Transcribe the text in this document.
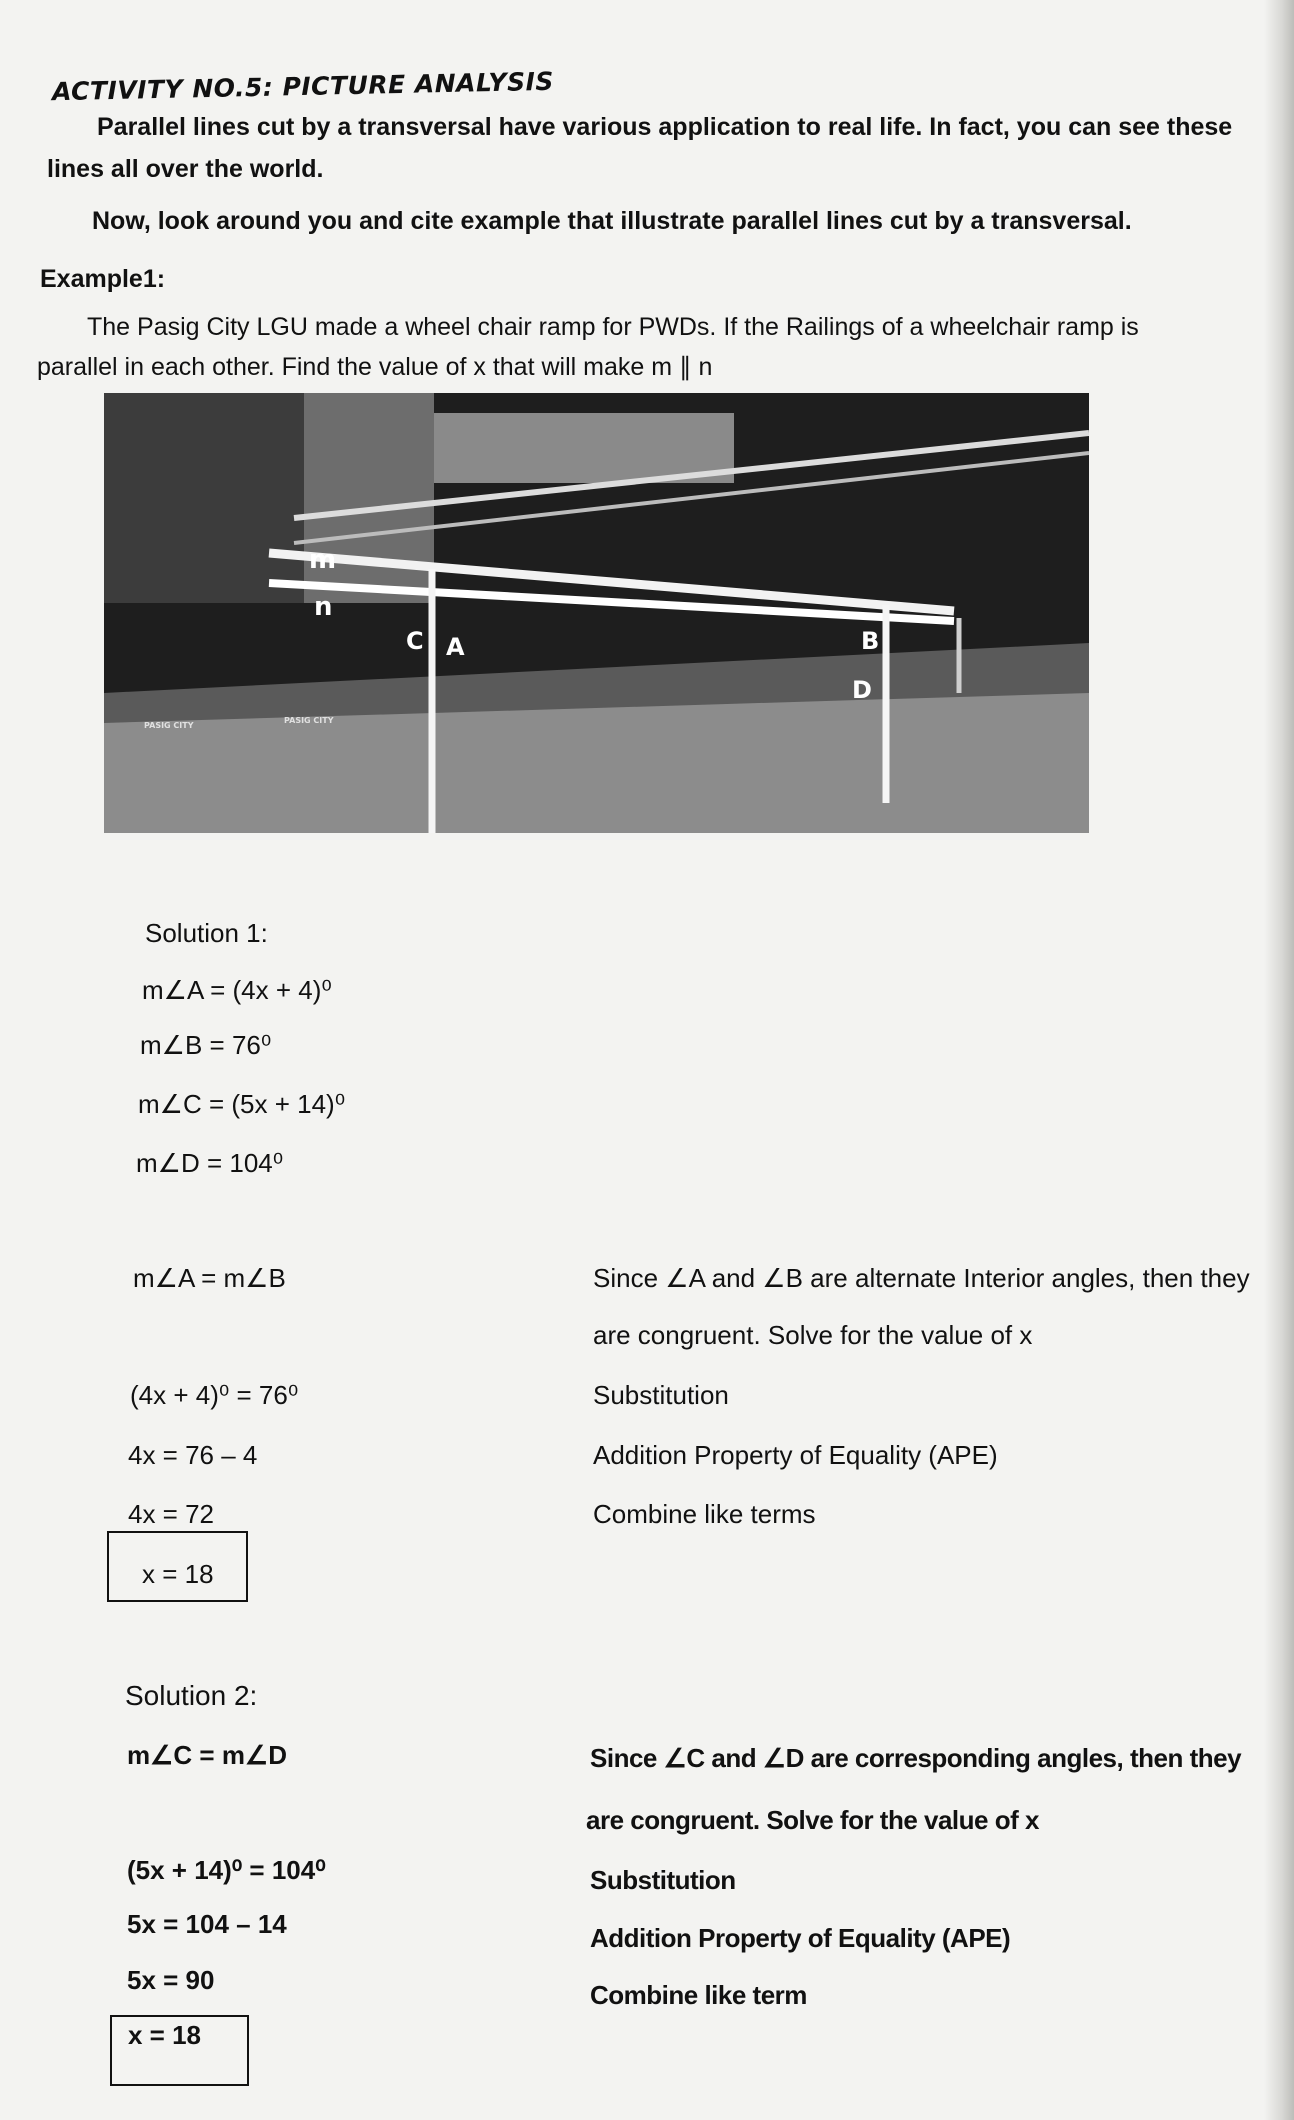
ACTIVITY NO.5: PICTURE ANALYSIS
Parallel lines cut by a transversal have various application to real life. In fact, you can see these
lines all over the world.
Now, look around you and cite example that illustrate parallel lines cut by a transversal.
Example1:
The Pasig City LGU made a wheel chair ramp for PWDs. If the Railings of a wheelchair ramp is
parallel in each other. Find the value of x that will make m ∥ n
m
n
C A	B
D
PASIG CITY
PASIG CITY
Solution 1:
m∠A = (4x + 4)⁰
m∠B = 76⁰
m∠C = (5x + 14)⁰
m∠D = 104⁰
m∠A = m∠B	Since ∠A and ∠B are alternate Interior angles, then they
are congruent. Solve for the value of x
(4x + 4)⁰ = 76⁰	Substitution
4x = 76 – 4	Addition Property of Equality (APE)
4x = 72	Combine like terms
x = 18
Solution 2:
m∠C = m∠D	Since ∠C and ∠D are corresponding angles, then they
are congruent. Solve for the value of x
(5x + 14)⁰ = 104⁰	Substitution
5x = 104 – 14	Addition Property of Equality (APE)
5x = 90	Combine like term
x = 18
